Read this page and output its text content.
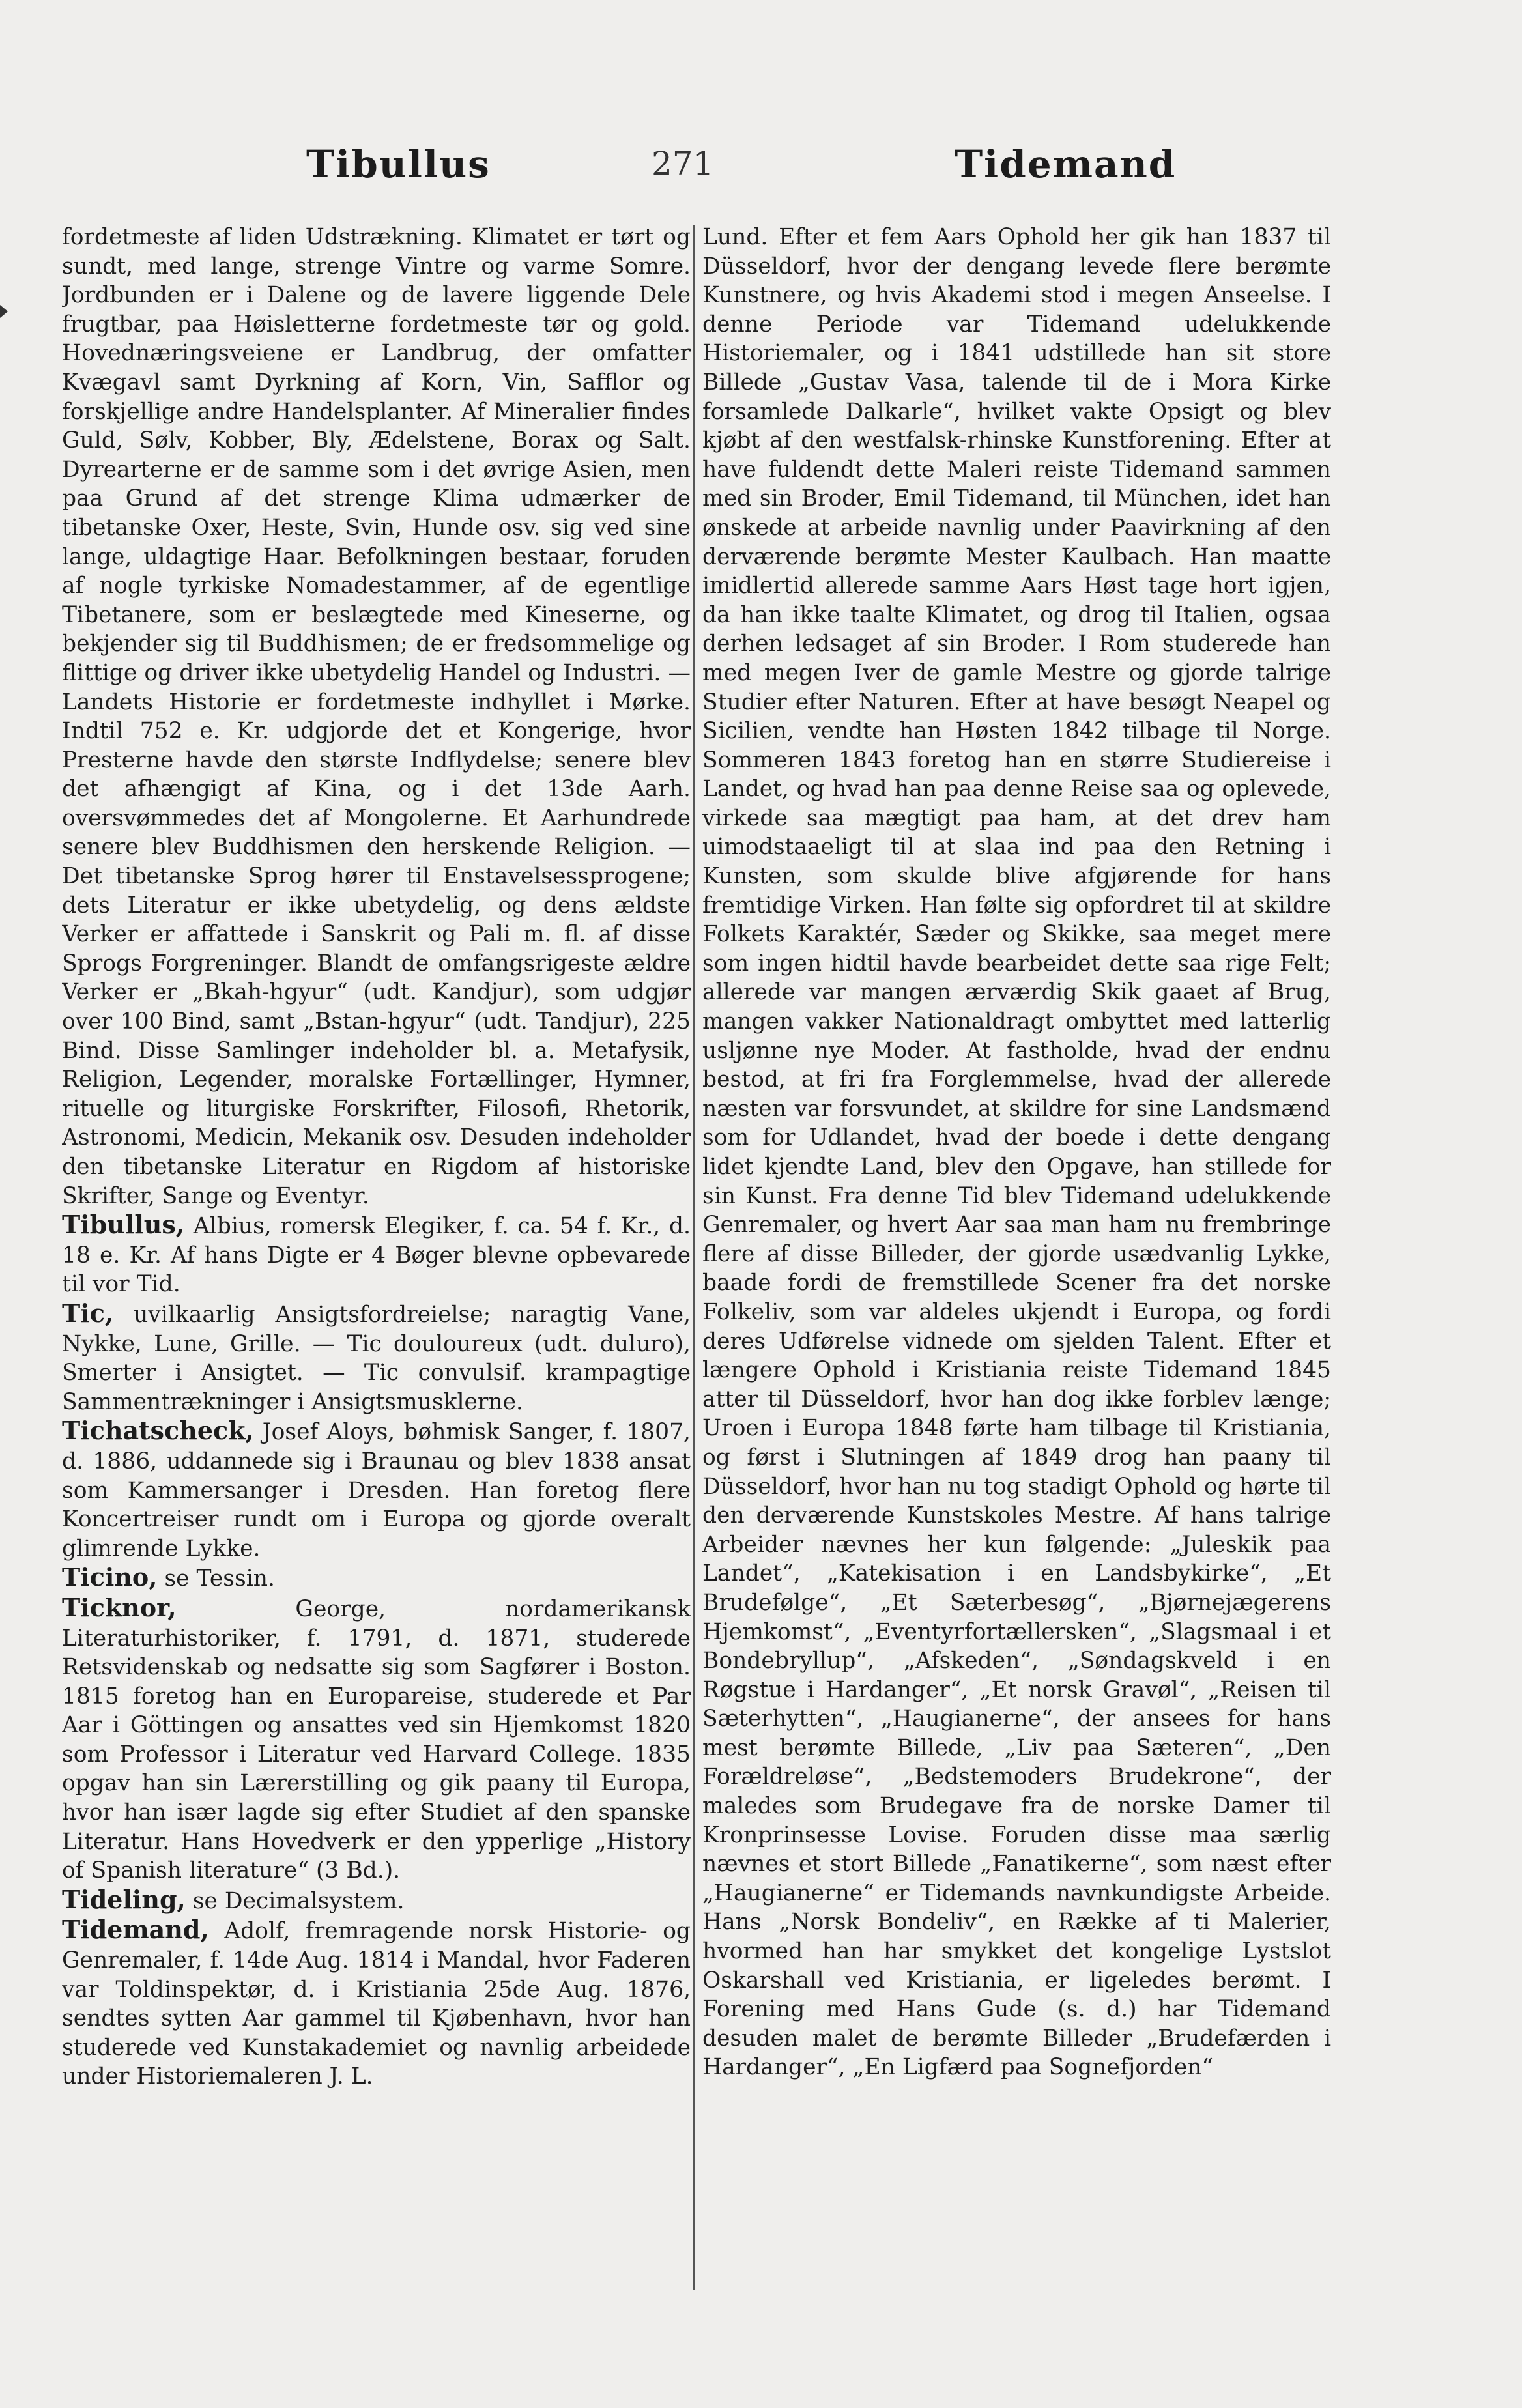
Tibullus	271	Tidemand

fordetmeste af liden Udstrækning. Klimatet er tørt og sundt, med lange, strenge Vintre og varme Somre. Jordbunden er i Dalene og de lavere liggende Dele frugtbar, paa Høisletterne fordetmeste tør og gold. Hovednæringsveiene er Landbrug, der omfatter Kvægavl samt Dyrkning af Korn, Vin, Safflor og forskjellige andre Handelsplanter. Af Mineralier findes Guld, Sølv, Kobber, Bly, Ædelstene, Borax og Salt. Dyrearterne er de samme som i det øvrige Asien, men paa Grund af det strenge Klima udmærker de tibetanske Oxer, Heste, Svin, Hunde osv. sig ved sine lange, uldagtige Haar. Befolkningen bestaar, foruden af nogle tyrkiske Nomadestammer, af de egentlige Tibetanere, som er beslægtede med Kineserne, og bekjender sig til Buddhismen; de er fredsommelige og flittige og driver ikke ubetydelig Handel og Industri. — Landets Historie er fordetmeste indhyllet i Mørke. Indtil 752 e. Kr. udgjorde det et Kongerige, hvor Presterne havde den største Indflydelse; senere blev det afhængigt af Kina, og i det 13de Aarh. oversvømmedes det af Mongolerne. Et Aarhundrede senere blev Buddhismen den herskende Religion. — Det tibetanske Sprog hører til Enstavelsessprogene; dets Literatur er ikke ubetydelig, og dens ældste Verker er affattede i Sanskrit og Pali m. fl. af disse Sprogs Forgreninger. Blandt de omfangsrigeste ældre Verker er „Bkah-hgyur“ (udt. Kandjur), som udgjør over 100 Bind, samt „Bstan-hgyur“ (udt. Tandjur), 225 Bind. Disse Samlinger indeholder bl. a. Metafysik, Religion, Legender, moralske Fortællinger, Hymner, rituelle og liturgiske Forskrifter, Filosofi, Rhetorik, Astronomi, Medicin, Mekanik osv. Desuden indeholder den tibetanske Literatur en Rigdom af historiske Skrifter, Sange og Eventyr.

Tibullus, Albius, romersk Elegiker, f. ca. 54 f. Kr., d. 18 e. Kr. Af hans Digte er 4 Bøger blevne opbevarede til vor Tid.

Tic, uvilkaarlig Ansigtsfordreielse; naragtig Vane, Nykke, Lune, Grille. — Tic douloureux (udt. duluro), Smerter i Ansigtet. — Tic convulsif. krampagtige Sammentrækninger i Ansigtsmusklerne.

Tichatscheck, Josef Aloys, bøhmisk Sanger, f. 1807, d. 1886, uddannede sig i Braunau og blev 1838 ansat som Kammersanger i Dresden. Han foretog flere Koncertreiser rundt om i Europa og gjorde overalt glimrende Lykke.

Ticino, se Tessin.

Ticknor,	George, nordamerikansk Literaturhistoriker, f. 1791, d. 1871, studerede Retsvidenskab og nedsatte sig som Sagfører i Boston. 1815 foretog han en Europareise, studerede et Par Aar i Göttingen og ansattes ved sin Hjemkomst 1820 som Professor i Literatur ved Harvard College. 1835 opgav han sin Lærerstilling og gik paany til Europa, hvor han især lagde sig efter Studiet af den spanske Literatur. Hans Hovedverk er den ypperlige „History of Spanish literature“ (3 Bd.).

Tideling, se Decimalsystem.

Tidemand, Adolf, fremragende norsk Historie- og Genremaler, f. 14de Aug. 1814 i Mandal, hvor Faderen var Toldinspektør, d. i Kristiania 25de Aug. 1876, sendtes sytten Aar gammel til Kjøbenhavn, hvor han studerede ved Kunstakademiet og navnlig arbeidede under Historiemaleren J. L.

Lund. Efter et fem Aars Ophold her gik han 1837 til Düsseldorf, hvor der dengang levede flere berømte Kunstnere, og hvis Akademi stod i megen Anseelse. I denne Periode var Tidemand udelukkende Historiemaler, og i 1841 udstillede han sit store Billede „Gustav Vasa, talende til de i Mora Kirke forsamlede Dalkarle“, hvilket vakte Opsigt og blev kjøbt af den westfalsk-rhinske Kunstforening. Efter at have fuldendt dette Maleri reiste Tidemand sammen med sin Broder, Emil Tidemand, til München, idet han ønskede at arbeide navnlig under Paavirkning af den derværende berømte Mester Kaulbach. Han maatte imidlertid allerede samme Aars Høst tage hort igjen, da han ikke taalte Klimatet, og drog til Italien, ogsaa derhen ledsaget af sin Broder. I Rom studerede han med megen Iver de gamle Mestre og gjorde talrige Studier efter Naturen. Efter at have besøgt Neapel og Sicilien, vendte han Høsten 1842 tilbage til Norge. Sommeren 1843 foretog han en større Studiereise i Landet, og hvad han paa denne Reise saa og oplevede, virkede saa mægtigt paa ham, at det drev ham uimodstaaeligt til at slaa ind paa den Retning i Kunsten, som skulde blive afgjørende for hans fremtidige Virken. Han følte sig opfordret til at skildre Folkets Karaktér, Sæder og Skikke, saa meget mere som ingen hidtil havde bearbeidet dette saa rige Felt; allerede var mangen ærværdig Skik gaaet af Brug, mangen vakker Nationaldragt ombyttet med latterlig usljønne nye Moder. At fastholde, hvad der endnu bestod, at fri fra Forglemmelse, hvad der allerede næsten var forsvundet, at skildre for sine Landsmænd som for Udlandet, hvad der boede i dette dengang lidet kjendte Land, blev den Opgave, han stillede for sin Kunst. Fra denne Tid blev Tidemand udelukkende Genremaler, og hvert Aar saa man ham nu frembringe flere af disse Billeder, der gjorde usædvanlig Lykke, baade fordi de fremstillede Scener fra det norske Folkeliv, som var aldeles ukjendt i Europa, og fordi deres Udførelse vidnede om sjelden Talent. Efter et længere Ophold i Kristiania reiste Tidemand 1845 atter til Düsseldorf, hvor han dog ikke forblev længe; Uroen i Europa 1848 førte ham tilbage til Kristiania, og først i Slutningen af 1849 drog han paany til Düsseldorf, hvor han nu tog stadigt Ophold og hørte til den derværende Kunstskoles Mestre. Af hans talrige Arbeider nævnes her kun følgende: „Juleskik paa Landet“, „Katekisation i en Landsbykirke“, „Et Brudefølge“, „Et Sæterbesøg“, „Bjørnejægerens Hjemkomst“, „Eventyrfortællersken“, „Slagsmaal i et Bondebryllup“, „Afskeden“, „Søndagskveld i en Røgstue i Hardanger“, „Et norsk Gravøl“, „Reisen til Sæterhytten“, „Haugianerne“, der ansees for hans mest berømte Billede, „Liv paa Sæteren“, „Den Forældreløse“, „Bedstemoders Brudekrone“, der maledes som Brudegave fra de norske Damer til Kronprinsesse Lovise. Foruden disse maa særlig nævnes et stort Billede „Fanatikerne“, som næst efter „Haugianerne“ er Tidemands navnkundigste Arbeide. Hans „Norsk Bondeliv“, en Række af ti Malerier, hvormed han har smykket det kongelige Lystslot Oskarshall ved Kristiania, er ligeledes berømt. I Forening med Hans Gude (s. d.) har Tidemand desuden malet de berømte Billeder „Brudefærden i Hardanger“, „En Ligfærd paa Sognefjorden“
